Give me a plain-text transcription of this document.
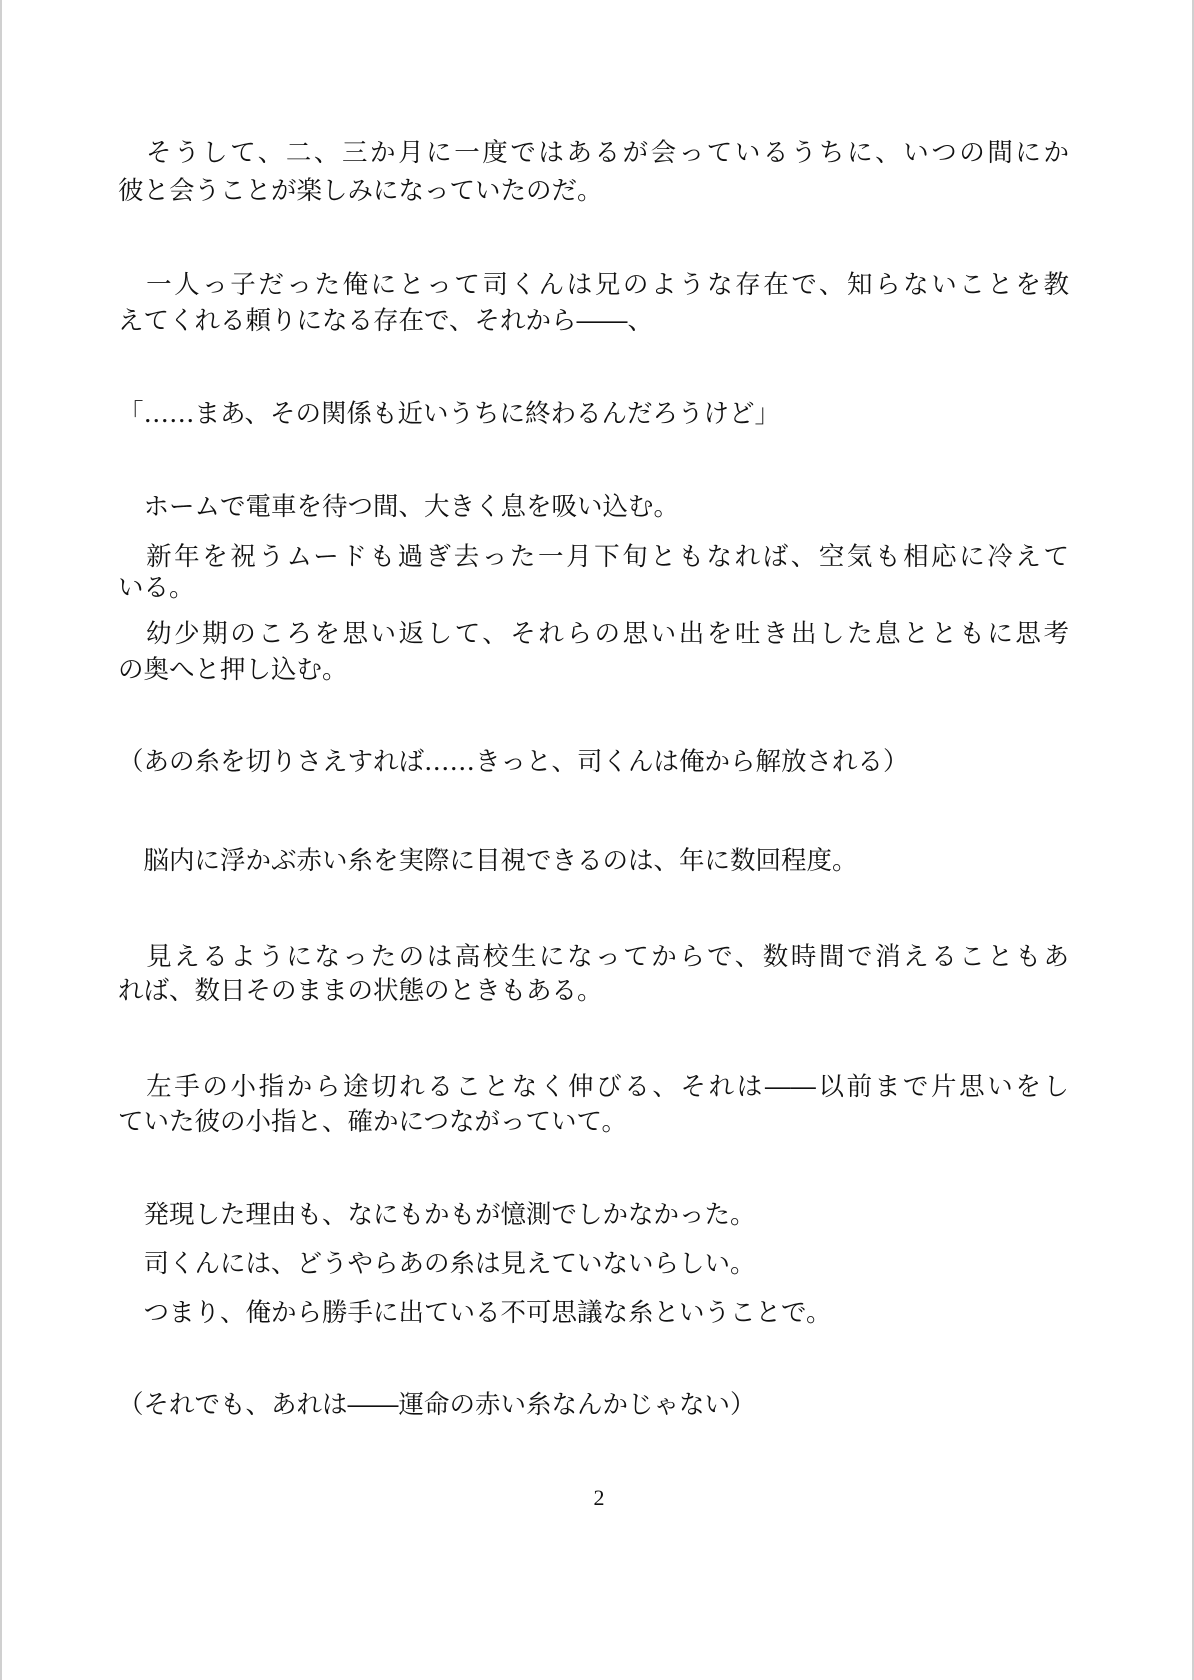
　そうして、二、三か月に一度ではあるが会っているうちに、いつの間にか
彼と会うことが楽しみになっていたのだ。
　一人っ子だった俺にとって司くんは兄のような存在で、知らないことを教
えてくれる頼りになる存在で、それから――、
「……まあ、その関係も近いうちに終わるんだろうけど」
　ホームで電車を待つ間、大きく息を吸い込む。
　新年を祝うムードも過ぎ去った一月下旬ともなれば、空気も相応に冷えて
いる。
　幼少期のころを思い返して、それらの思い出を吐き出した息とともに思考
の奥へと押し込む。
（あの糸を切りさえすれば……きっと、司くんは俺から解放される）
　脳内に浮かぶ赤い糸を実際に目視できるのは、年に数回程度。
　見えるようになったのは高校生になってからで、数時間で消えることもあ
れば、数日そのままの状態のときもある。
　左手の小指から途切れることなく伸びる、それは――以前まで片思いをし
ていた彼の小指と、確かにつながっていて。
　発現した理由も、なにもかもが憶測でしかなかった。
　司くんには、どうやらあの糸は見えていないらしい。
　つまり、俺から勝手に出ている不可思議な糸ということで。
（それでも、あれは――運命の赤い糸なんかじゃない）
2
